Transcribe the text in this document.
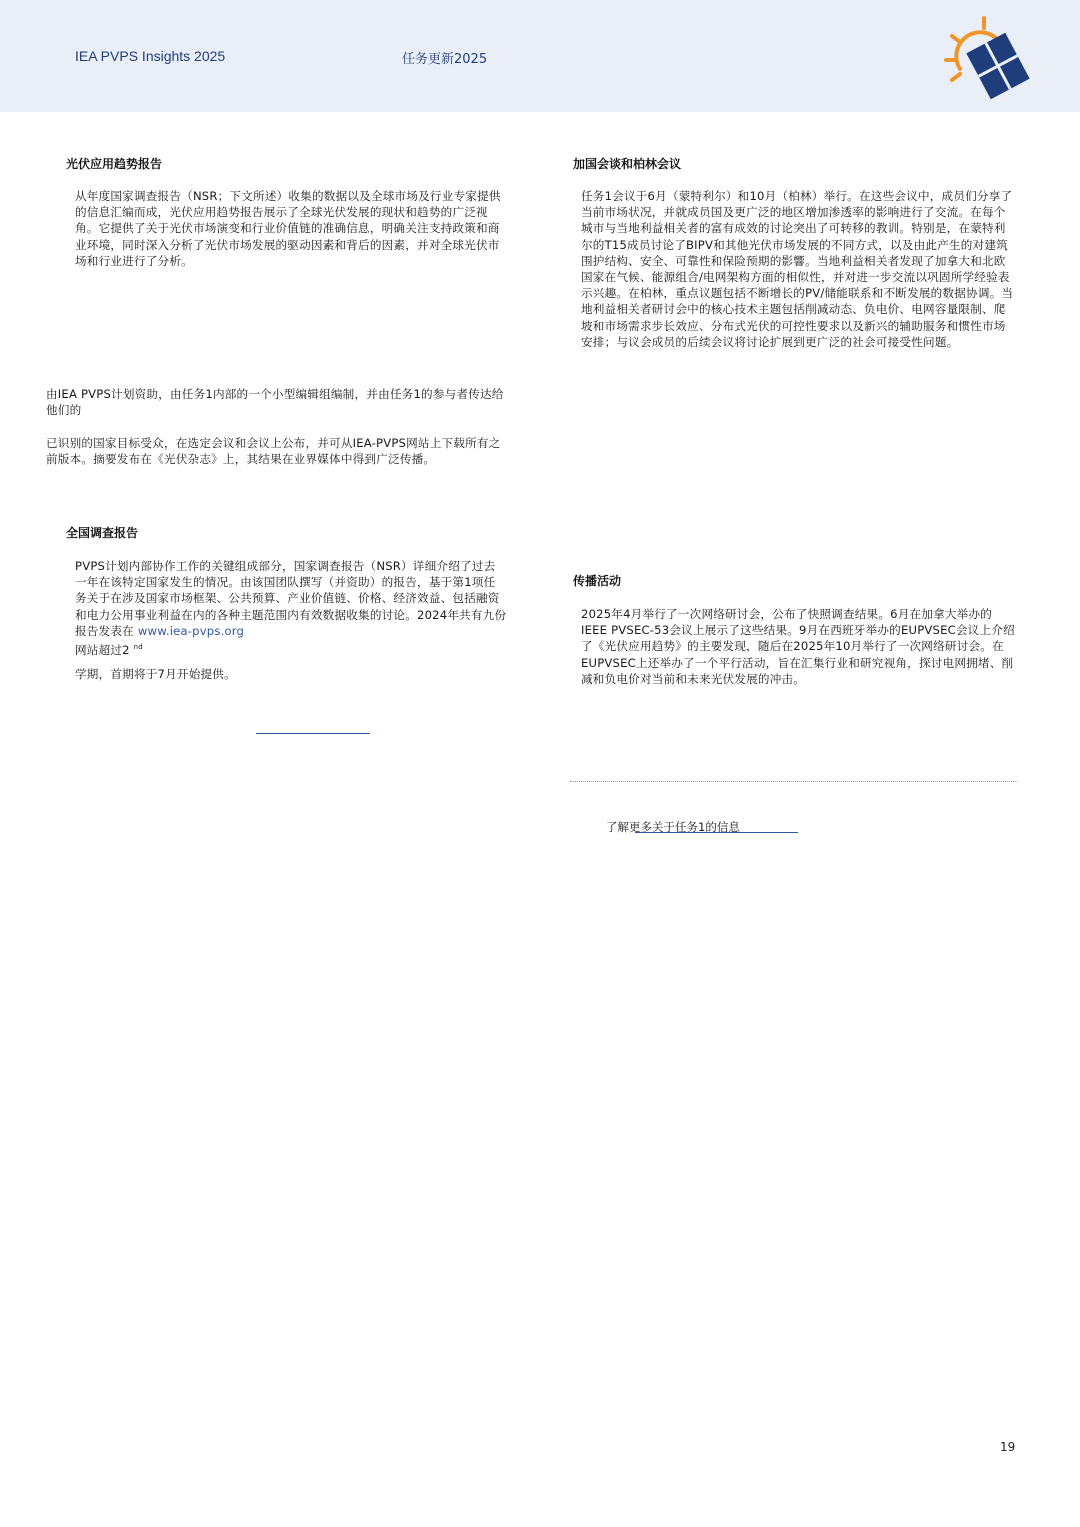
IEA PVPS Insights 2025	任务更新2025
光伏应用趋势报告
从年度国家调查报告（NSR；下文所述）收集的数据以及全球市场及行业专家提供的信息汇编而成，光伏应用趋势报告展示了全球光伏发展的现状和趋势的广泛视角。它提供了关于光伏市场演变和行业价值链的准确信息，明确关注支持政策和商业环境，同时深入分析了光伏市场发展的驱动因素和背后的因素，并对全球光伏市场和行业进行了分析。
由IEA PVPS计划资助，由任务1内部的一个小型编辑组编制，并由任务1的参与者传达给他们的
已识别的国家目标受众，在选定会议和会议上公布，并可从IEA-PVPS网站上下载所有之前版本。摘要发布在《光伏杂志》上，其结果在业界媒体中得到广泛传播。
全国调查报告
PVPS计划内部协作工作的关键组成部分，国家调查报告（NSR）详细介绍了过去一年在该特定国家发生的情况。由该国团队撰写（并资助）的报告，基于第1项任务关于在涉及国家市场框架、公共预算、产业价值链、价格、经济效益、包括融资和电力公用事业利益在内的各种主题范围内有效数据收集的讨论。2024年共有九份报告发表在 www.iea-pvps.org
网站超过2 $^{nd}$
学期，首期将于7月开始提供。
加国会谈和柏林会议
任务1会议于6月（蒙特利尔）和10月（柏林）举行。在这些会议中，成员们分享了当前市场状况，并就成员国及更广泛的地区增加渗透率的影响进行了交流。在每个城市与当地利益相关者的富有成效的讨论突出了可转移的教训。特别是，在蒙特利尔的T15成员讨论了BIPV和其他光伏市场发展的不同方式，以及由此产生的对建筑围护结构、安全、可靠性和保险预期的影響。当地利益相关者发现了加拿大和北欧国家在气候、能源组合/电网架构方面的相似性，并对进一步交流以巩固所学经验表示兴趣。在柏林，重点议题包括不断增长的PV/储能联系和不断发展的数据协调。当地利益相关者研讨会中的核心技术主题包括削减动态、负电价、电网容量限制、爬坡和市场需求步长效应、分布式光伏的可控性要求以及新兴的辅助服务和惯性市场安排；与议会成员的后续会议将讨论扩展到更广泛的社会可接受性问题。
传播活动
2025年4月举行了一次网络研讨会，公布了快照调查结果。6月在加拿大举办的IEEE PVSEC-53会议上展示了这些结果。9月在西班牙举办的EUPVSEC会议上介绍了《光伏应用趋势》的主要发现，随后在2025年10月举行了一次网络研讨会。在EUPVSEC上还举办了一个平行活动，旨在汇集行业和研究视角，探讨电网拥堵、削减和负电价对当前和未来光伏发展的冲击。
了解更多关于任务1的信息
19
